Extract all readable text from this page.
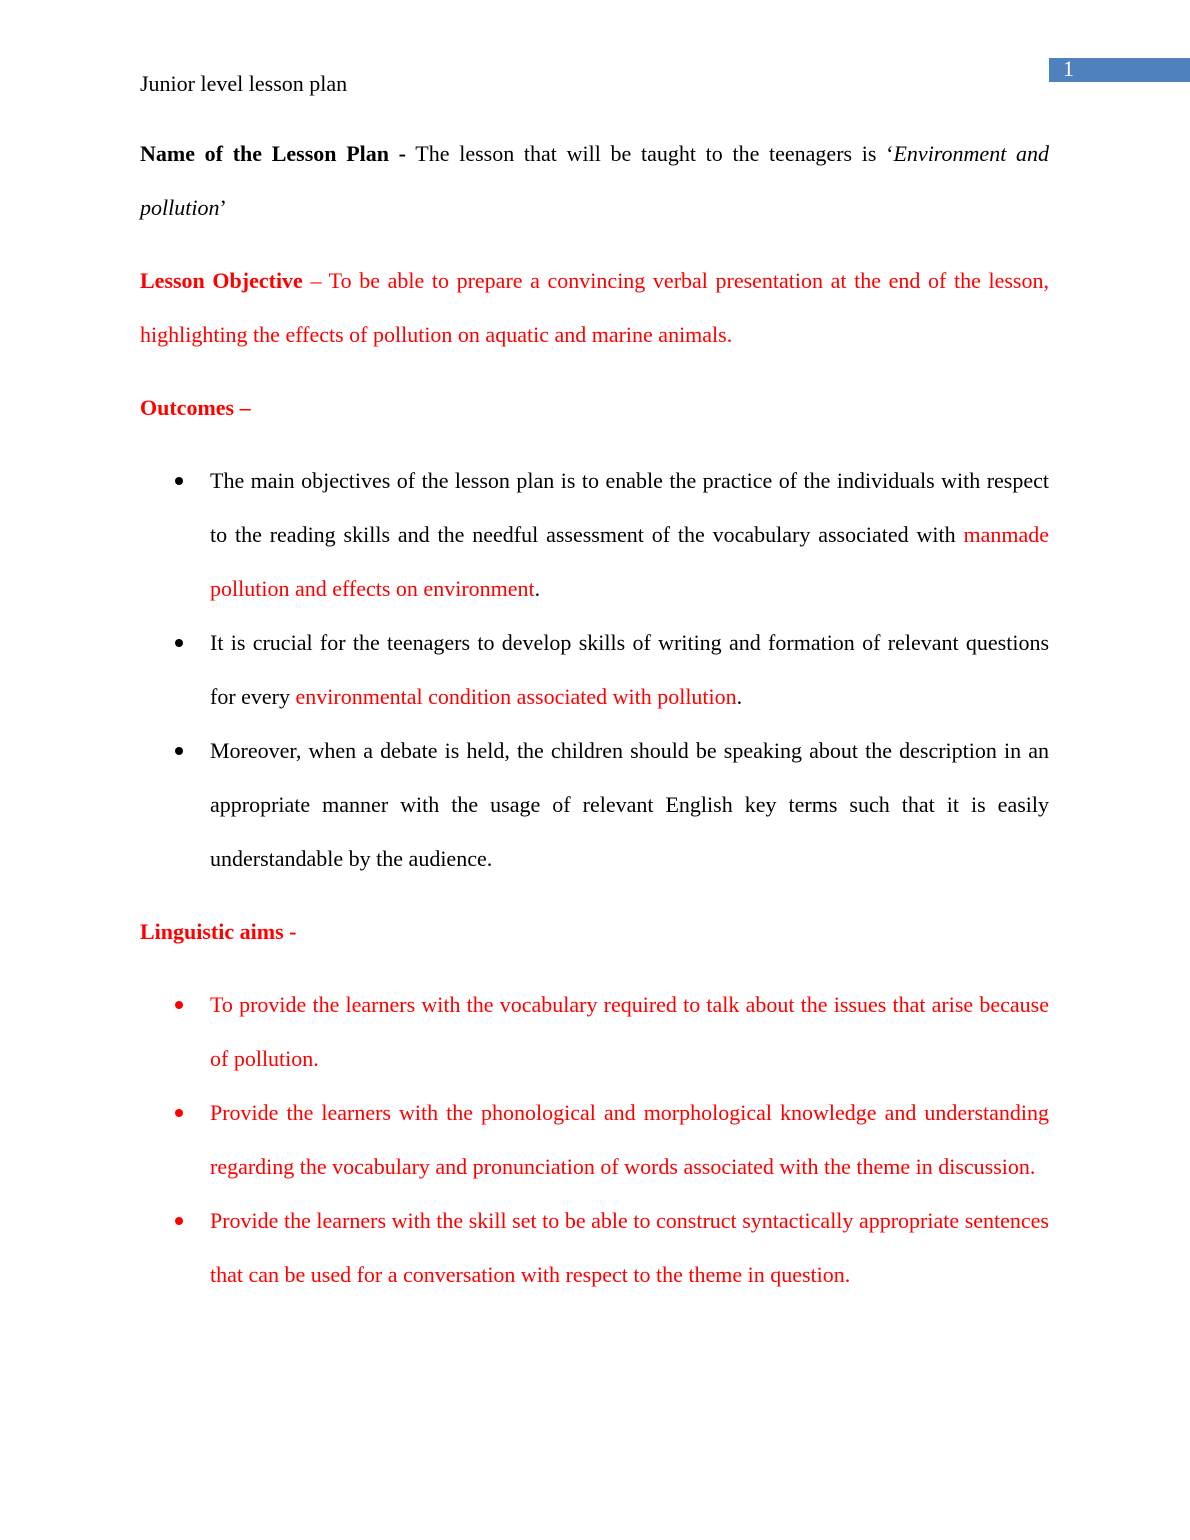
1
Junior level lesson plan

Name of the Lesson Plan - The lesson that will be taught to the teenagers is ‘Environment and pollution’

Lesson Objective – To be able to prepare a convincing verbal presentation at the end of the lesson, highlighting the effects of pollution on aquatic and marine animals.

Outcomes –

The main objectives of the lesson plan is to enable the practice of the individuals with respect to the reading skills and the needful assessment of the vocabulary associated with manmade pollution and effects on environment.
It is crucial for the teenagers to develop skills of writing and formation of relevant questions for every environmental condition associated with pollution.
Moreover, when a debate is held, the children should be speaking about the description in an appropriate manner with the usage of relevant English key terms such that it is easily understandable by the audience.

Linguistic aims -

To provide the learners with the vocabulary required to talk about the issues that arise because of pollution.
Provide the learners with the phonological and morphological knowledge and understanding regarding the vocabulary and pronunciation of words associated with the theme in discussion.
Provide the learners with the skill set to be able to construct syntactically appropriate sentences that can be used for a conversation with respect to the theme in question.
